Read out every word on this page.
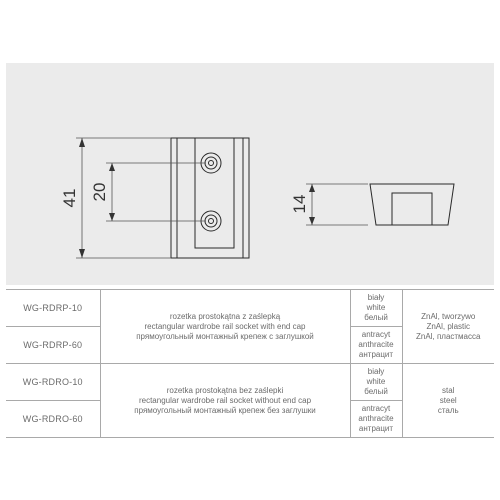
41 20
14
WG-RDRP-10	rozetka prostokątna z zaślepką
rectangular wardrobe rail socket with end cap
прямоугольный монтажный крепеж с заглушкой	biały
white
белый	ZnAl, tworzywo
ZnAl, plastic
ZnAl, пластмасса

WG-RDRP-60		antracyt
anthracite
антрацит	

WG-RDRO-10	rozetka prostokątna bez zaślepki
rectangular wardrobe rail socket without end cap
прямоугольный монтажный крепеж без заглушки	biały
white
белый	stal
steel
сталь

WG-RDRO-60		antracyt
anthracite
антрацит	
